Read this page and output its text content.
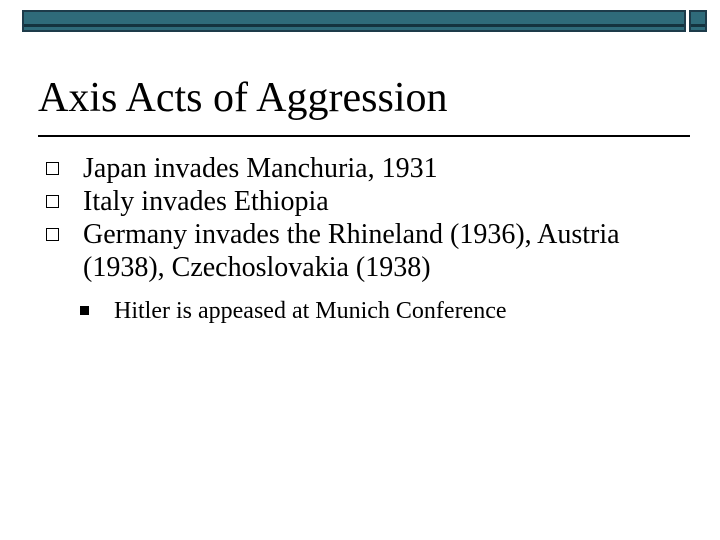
Axis Acts of Aggression
Japan invades Manchuria, 1931
Italy invades Ethiopia
Germany invades the Rhineland (1936), Austria (1938), Czechoslovakia (1938)
Hitler is appeased at Munich Conference
